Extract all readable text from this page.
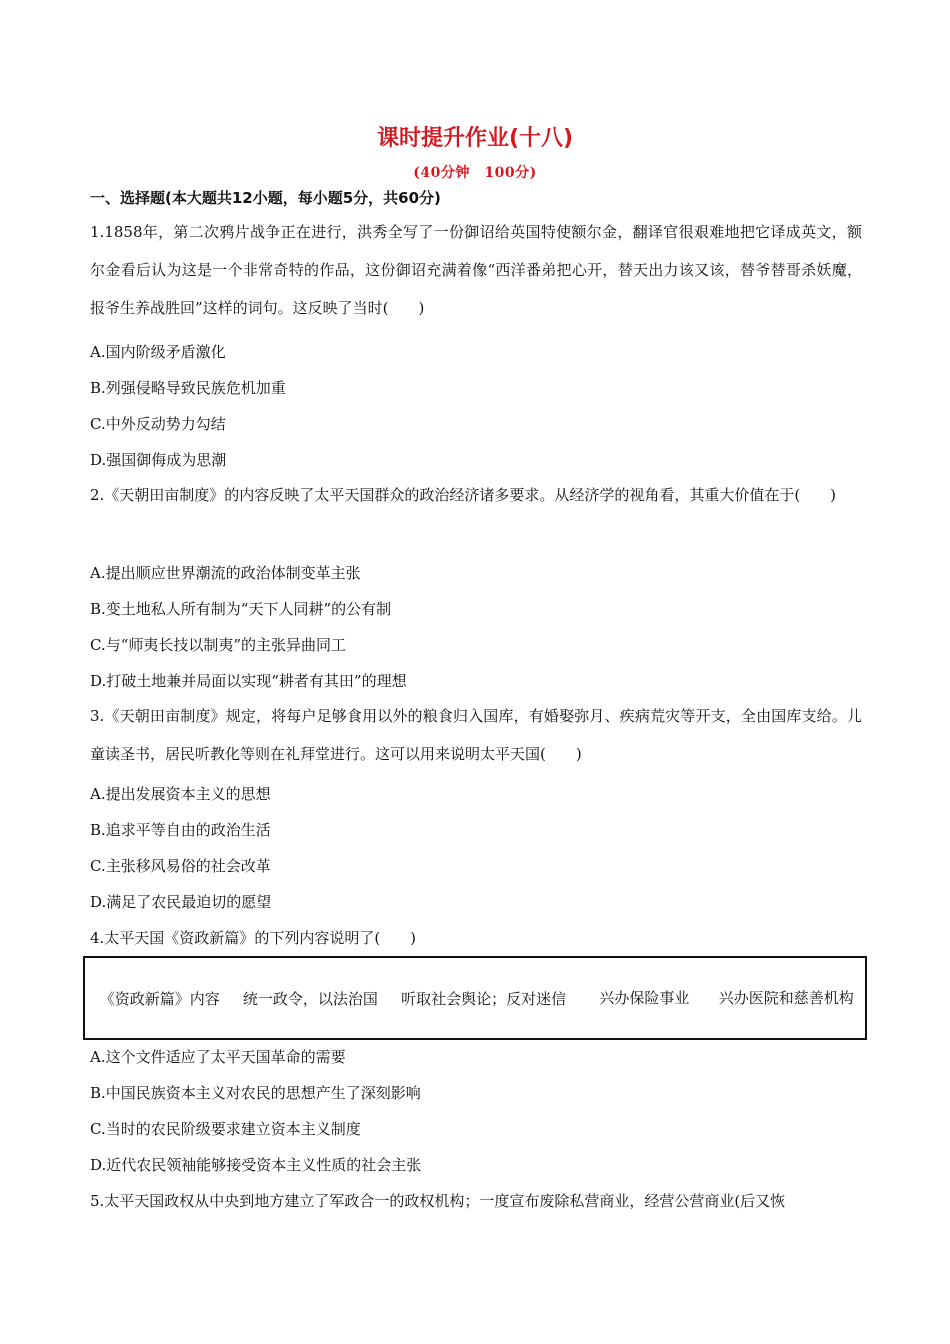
课时提升作业(十八)
(40分钟　100分)
一、选择题(本大题共12小题，每小题5分，共60分)
1.1858年，第二次鸦片战争正在进行，洪秀全写了一份御诏给英国特使额尔金，翻译官很艰难地把它译成英文，额尔金看后认为这是一个非常奇特的作品，这份御诏充满着像“西洋番弟把心开，替天出力该又该，替爷替哥杀妖魔，报爷生养战胜回”这样的词句。这反映了当时(　　)
A.国内阶级矛盾激化
B.列强侵略导致民族危机加重
C.中外反动势力勾结
D.强国御侮成为思潮
2.《天朝田亩制度》的内容反映了太平天国群众的政治经济诸多要求。从经济学的视角看，其重大价值在于(　　)
A.提出顺应世界潮流的政治体制变革主张
B.变土地私人所有制为“天下人同耕”的公有制
C.与“师夷长技以制夷”的主张异曲同工
D.打破土地兼并局面以实现“耕者有其田”的理想
3.《天朝田亩制度》规定，将每户足够食用以外的粮食归入国库，有婚娶弥月、疾病荒灾等开支，全由国库支给。儿童读圣书，居民听教化等则在礼拜堂进行。这可以用来说明太平天国(　　)
A.提出发展资本主义的思想
B.追求平等自由的政治生活
C.主张移风易俗的社会改革
D.满足了农民最迫切的愿望
4.太平天国《资政新篇》的下列内容说明了(　　)
《资政新篇》内容	统一政令，以法治国	听取社会舆论；反对迷信	兴办保险事业	兴办医院和慈善机构
A.这个文件适应了太平天国革命的需要
B.中国民族资本主义对农民的思想产生了深刻影响
C.当时的农民阶级要求建立资本主义制度
D.近代农民领袖能够接受资本主义性质的社会主张
5.太平天国政权从中央到地方建立了军政合一的政权机构；一度宣布废除私营商业，经营公营商业(后又恢
